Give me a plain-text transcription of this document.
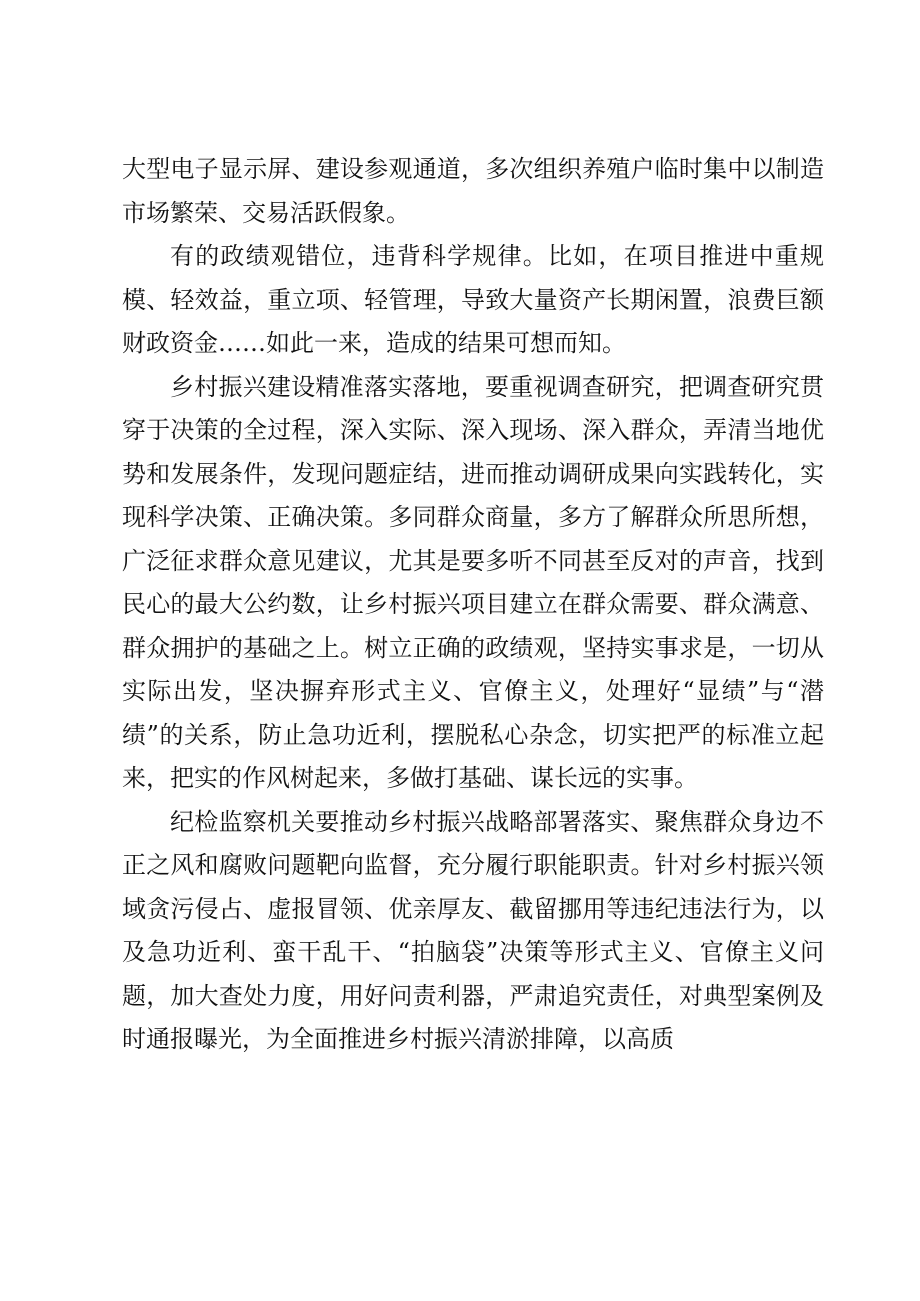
大型电子显示屏、建设参观通道，多次组织养殖户临时集中以制造市场繁荣、交易活跃假象。

有的政绩观错位，违背科学规律。比如，在项目推进中重规模、轻效益，重立项、轻管理，导致大量资产长期闲置，浪费巨额财政资金……如此一来，造成的结果可想而知。

乡村振兴建设精准落实落地，要重视调查研究，把调查研究贯穿于决策的全过程，深入实际、深入现场、深入群众，弄清当地优势和发展条件，发现问题症结，进而推动调研成果向实践转化，实现科学决策、正确决策。多同群众商量，多方了解群众所思所想，广泛征求群众意见建议，尤其是要多听不同甚至反对的声音，找到民心的最大公约数，让乡村振兴项目建立在群众需要、群众满意、群众拥护的基础之上。树立正确的政绩观，坚持实事求是，一切从实际出发，坚决摒弃形式主义、官僚主义，处理好“显绩”与“潜绩”的关系，防止急功近利，摆脱私心杂念，切实把严的标准立起来，把实的作风树起来，多做打基础、谋长远的实事。

纪检监察机关要推动乡村振兴战略部署落实、聚焦群众身边不正之风和腐败问题靶向监督，充分履行职能职责。针对乡村振兴领域贪污侵占、虚报冒领、优亲厚友、截留挪用等违纪违法行为，以及急功近利、蛮干乱干、“拍脑袋”决策等形式主义、官僚主义问题，加大查处力度，用好问责利器，严肃追究责任，对典型案例及时通报曝光，为全面推进乡村振兴清淤排障，以高质
